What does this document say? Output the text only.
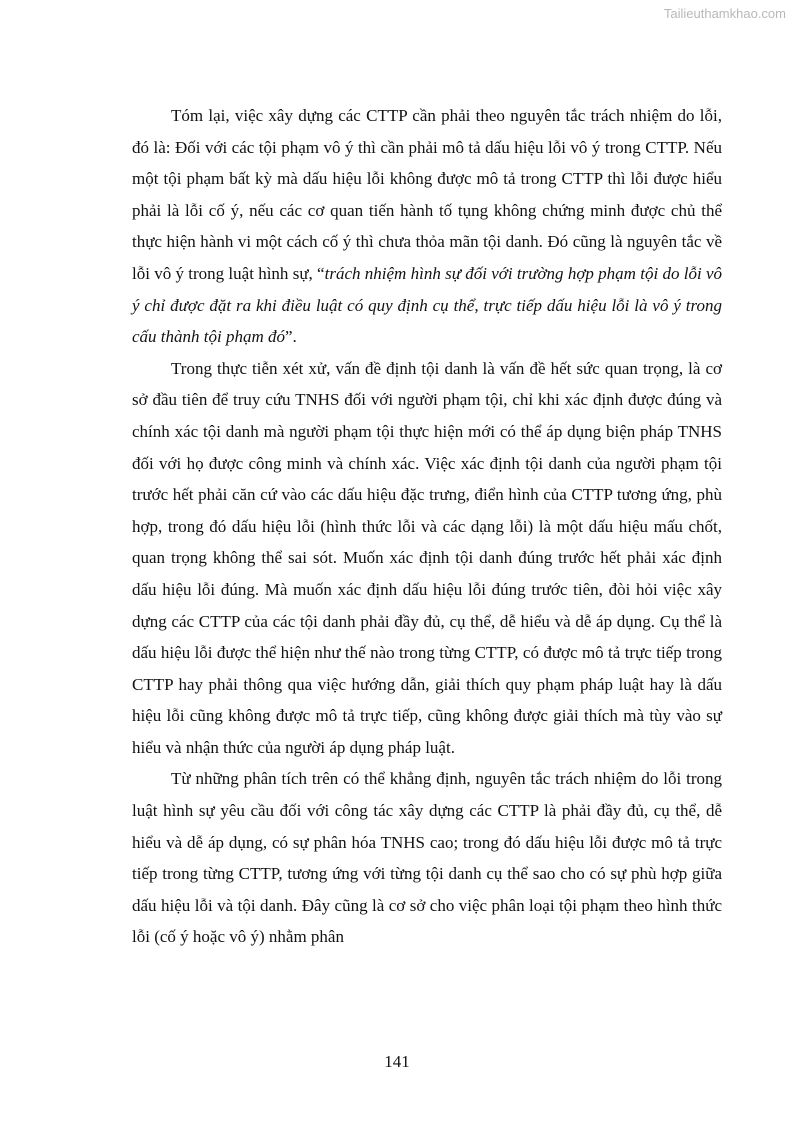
Tailieuthamkhao.com

Tóm lại, việc xây dựng các CTTP cần phải theo nguyên tắc trách nhiệm do lỗi, đó là: Đối với các tội phạm vô ý thì cần phải mô tả dấu hiệu lỗi vô ý trong CTTP. Nếu một tội phạm bất kỳ mà dấu hiệu lỗi không được mô tả trong CTTP thì lỗi được hiểu phải là lỗi cố ý, nếu các cơ quan tiến hành tố tụng không chứng minh được chủ thể thực hiện hành vi một cách cố ý thì chưa thỏa mãn tội danh. Đó cũng là nguyên tắc về lỗi vô ý trong luật hình sự, “trách nhiệm hình sự đối với trường hợp phạm tội do lỗi vô ý chỉ được đặt ra khi điều luật có quy định cụ thể, trực tiếp dấu hiệu lỗi là vô ý trong cấu thành tội phạm đó”.

Trong thực tiễn xét xử, vấn đề định tội danh là vấn đề hết sức quan trọng, là cơ sở đầu tiên để truy cứu TNHS đối với người phạm tội, chỉ khi xác định được đúng và chính xác tội danh mà người phạm tội thực hiện mới có thể áp dụng biện pháp TNHS đối với họ được công minh và chính xác. Việc xác định tội danh của người phạm tội trước hết phải căn cứ vào các dấu hiệu đặc trưng, điển hình của CTTP tương ứng, phù hợp, trong đó dấu hiệu lỗi (hình thức lỗi và các dạng lỗi) là một dấu hiệu mấu chốt, quan trọng không thể sai sót. Muốn xác định tội danh đúng trước hết phải xác định dấu hiệu lỗi đúng. Mà muốn xác định dấu hiệu lỗi đúng trước tiên, đòi hỏi việc xây dựng các CTTP của các tội danh phải đầy đủ, cụ thể, dễ hiểu và dễ áp dụng. Cụ thể là dấu hiệu lỗi được thể hiện như thế nào trong từng CTTP, có được mô tả trực tiếp trong CTTP hay phải thông qua việc hướng dẫn, giải thích quy phạm pháp luật hay là dấu hiệu lỗi cũng không được mô tả trực tiếp, cũng không được giải thích mà tùy vào sự hiểu và nhận thức của người áp dụng pháp luật.

Từ những phân tích trên có thể khẳng định, nguyên tắc trách nhiệm do lỗi trong luật hình sự yêu cầu đối với công tác xây dựng các CTTP là phải đầy đủ, cụ thể, dễ hiểu và dễ áp dụng, có sự phân hóa TNHS cao; trong đó dấu hiệu lỗi được mô tả trực tiếp trong từng CTTP, tương ứng với từng tội danh cụ thể sao cho có sự phù hợp giữa dấu hiệu lỗi và tội danh. Đây cũng là cơ sở cho việc phân loại tội phạm theo hình thức lỗi (cố ý hoặc vô ý) nhằm phân

141
